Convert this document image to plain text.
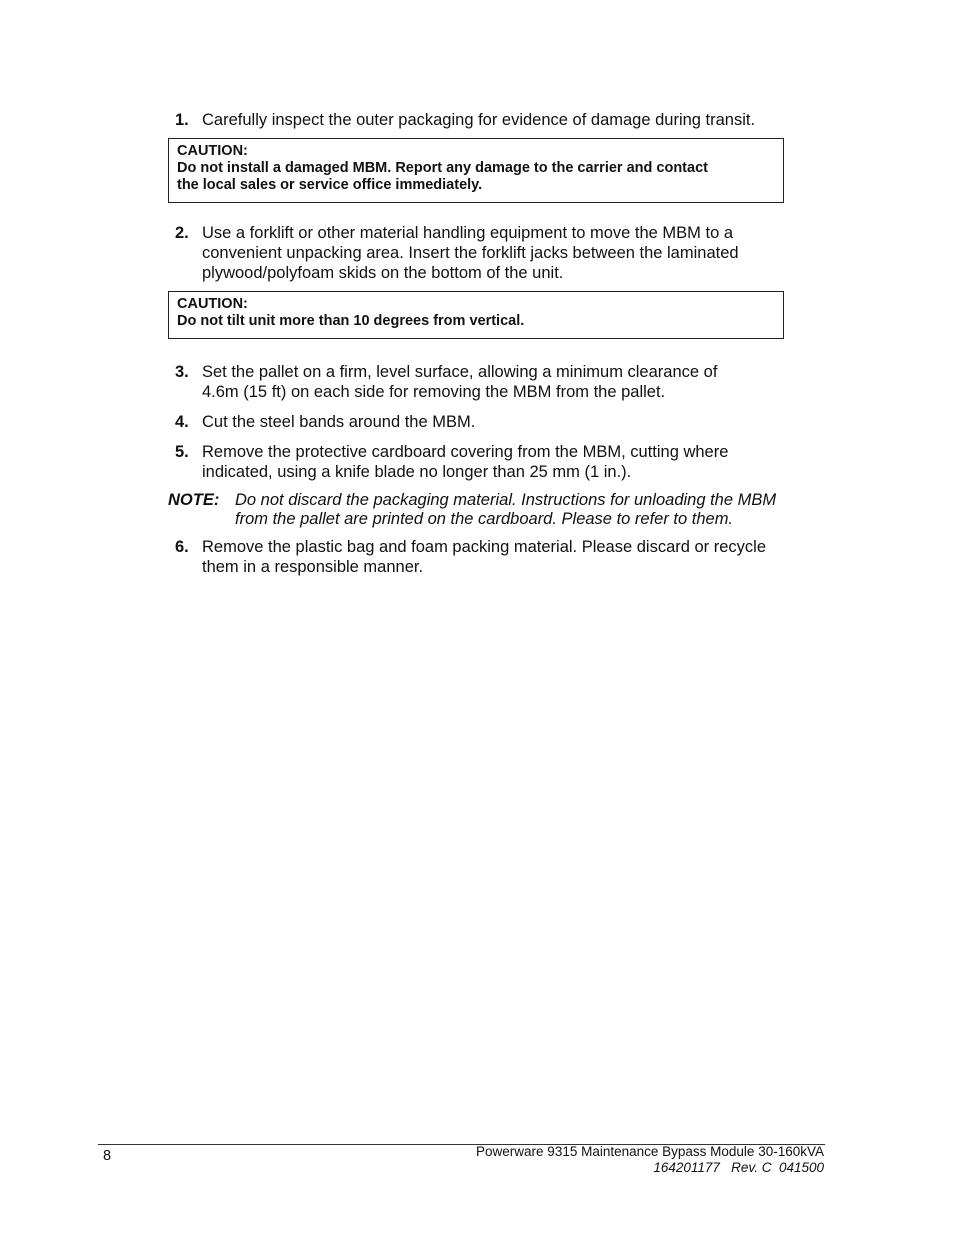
1. Carefully inspect the outer packaging for evidence of damage during transit.
CAUTION:
Do not install a damaged MBM. Report any damage to the carrier and contact
the local sales or service office immediately.
2. Use a forklift or other material handling equipment to move the MBM to a convenient unpacking area. Insert the forklift jacks between the laminated plywood/polyfoam skids on the bottom of the unit.
CAUTION:
Do not tilt unit more than 10 degrees from vertical.
3. Set the pallet on a firm, level surface, allowing a minimum clearance of 4.6m (15 ft) on each side for removing the MBM from the pallet.
4. Cut the steel bands around the MBM.
5. Remove the protective cardboard covering from the MBM, cutting where indicated, using a knife blade no longer than 25 mm (1 in.).
NOTE: Do not discard the packaging material. Instructions for unloading the MBM from the pallet are printed on the cardboard. Please to refer to them.
6. Remove the plastic bag and foam packing material. Please discard or recycle them in a responsible manner.
8	Powerware 9315 Maintenance Bypass Module 30-160kVA
164201177   Rev. C  041500
